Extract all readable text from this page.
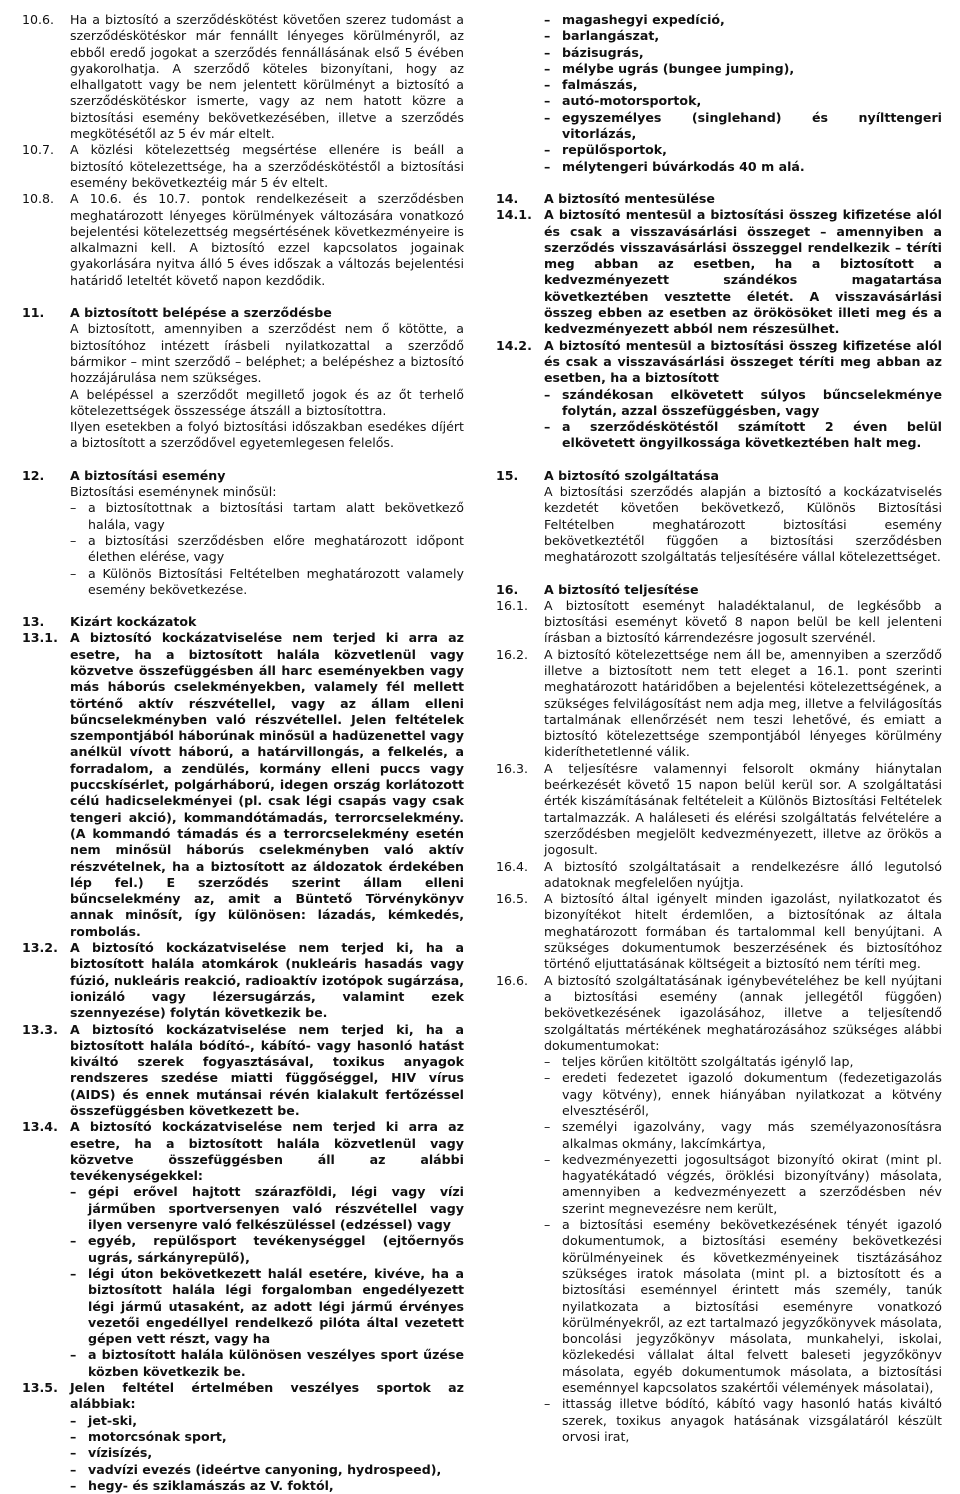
10.6.	Ha a biztosító a szerződéskötést követően szerez tudomást a szerződéskötéskor már fennállt lényeges körülményről, az ebből eredő jogokat a szerződés fennállásának első 5 évében gyakorolhatja. A szerződő köteles bizonyítani, hogy az elhallgatott vagy be nem jelentett körülményt a biztosító a szerződéskötéskor ismerte, vagy az nem hatott közre a biztosítási esemény bekövetkezésében, illetve a szerződés megkötésétől az 5 év már eltelt.
10.7.	A közlési kötelezettség megsértése ellenére is beáll a biztosító kötelezettsége, ha a szerződéskötéstől a biztosítási esemény bekövetkeztéig már 5 év eltelt.
10.8.	A 10.6. és 10.7. pontok rendelkezéseit a szerződésben meghatározott lényeges körülmények változására vonatkozó bejelentési kötelezettség megsértésének következményeire is alkalmazni kell. A biztosító ezzel kapcsolatos jogainak gyakorlására nyitva álló 5 éves időszak a változás bejelentési határidő leteltét követő napon kezdődik.
11.	A biztosított belépése a szerződésbe

A biztosított, amennyiben a szerződést nem ő kötötte, a biztosítóhoz intézett írásbeli nyilatkozattal a szerződő bármikor – mint szerződő – beléphet; a belépéshez a biztosító hozzájárulása nem szükséges.

A belépéssel a szerződőt megillető jogok és az őt terhelő kötelezettségek összessége átszáll a biztosítottra.

Ilyen esetekben a folyó biztosítási időszakban esedékes díjért a biztosított a szerződővel egyetemlegesen felelős.

12.	A biztosítási esemény

Biztosítási eseménynek minősül:

– a biztosítottnak a biztosítási tartam alatt bekövetkező halála, vagy
– a biztosítási szerződésben előre meghatározott időpont élethen elérése, vagy
– a Különös Biztosítási Feltételben meghatározott valamely esemény bekövetkezése.
13.	Kizárt kockázatok
13.1. A biztosító kockázatviselése nem terjed ki arra az esetre, ha a biztosított halála közvetlenül vagy közvetve összefüggésben áll harc eseményekben vagy más háborús cselekményekben, valamely fél mellett történő aktív részvétellel, vagy az állam elleni bűncselekményben való részvétellel. Jelen feltételek szempontjából háborúnak minősül a hadüzenettel vagy anélkül vívott háború, a határvillongás, a felkelés, a forradalom, a zendülés, kormány elleni puccs vagy puccskísérlet, polgárháború, idegen ország korlátozott célú hadicselekményei (pl. csak légi csapás vagy csak tengeri akció), kommandótámadás, terrorcselekmény. (A kommandó támadás és a terrorcselekmény esetén nem minősül háborús cselekményben való aktív részvételnek, ha a biztosított az áldozatok érdekében lép fel.) E szerződés szerint állam elleni bűncselekmény az, amit a Büntető Törvénykönyv annak minősít, így különösen: lázadás, kémkedés, rombolás.
13.2. A biztosító kockázatviselése nem terjed ki, ha a biztosított halála atomkárok (nukleáris hasadás vagy fúzió, nukleáris reakció, radioaktív izotópok sugárzása, ionizáló vagy lézersugárzás, valamint ezek szennyezése) folytán következik be.
13.3. A biztosító kockázatviselése nem terjed ki, ha a biztosított halála bódító-, kábító- vagy hasonló hatást kiváltó szerek fogyasztásával, toxikus anyagok rendszeres szedése miatti függőséggel, HIV vírus (AIDS) és ennek mutánsai révén kialakult fertőzéssel összefüggésben következett be.
13.4. A biztosító kockázatviselése nem terjed ki arra az esetre, ha a biztosított halála közvetlenül vagy közvetve összefüggésben áll az alábbi tevékenységekkel:
– gépi erővel hajtott szárazföldi, légi vagy vízi járműben sportversenyen való részvétellel vagy ilyen versenyre való felkészüléssel (edzéssel) vagy
– egyéb, repülősport tevékenységgel (ejtőernyős ugrás, sárkányrepülő),
– légi úton bekövetkezett halál esetére, kivéve, ha a biztosított halála légi forgalomban engedélyezett légi jármű utasaként, az adott légi jármű érvényes vezetői engedéllyel rendelkező pilóta által vezetett gépen vett részt, vagy ha
– a biztosított halála különösen veszélyes sport űzése közben következik be.
13.5. Jelen feltétel értelmében veszélyes sportok az alábbiak:
– jet-ski,
– motorcsónak sport,
– vízisízés,
– vadvízi evezés (ideértve canyoning, hydrospeed),
– hegy- és sziklamászás az V. foktól,
– magashegyi expedíció,
– barlangászat,
– bázisugrás,
– mélybe ugrás (bungee jumping),
– falmászás,
– autó-motorsportok,
– egyszemélyes (singlehand) és nyílttengeri vitorlázás,
– repülősportok,
– mélytengeri búvárkodás 40 m alá.
14.	A biztosító mentesülése
14.1. A biztosító mentesül a biztosítási összeg kifizetése alól és csak a visszavásárlási összeget – amennyiben a szerződés visszavásárlási összeggel rendelkezik – téríti meg abban az esetben, ha a biztosított a kedvezményezett szándékos magatartása következtében vesztette életét. A visszavásárlási összeg ebben az esetben az örökösöket illeti meg és a kedvezményezett abból nem részesülhet.
14.2. A biztosító mentesül a biztosítási összeg kifizetése alól és csak a visszavásárlási összeget téríti meg abban az esetben, ha a biztosított
– szándékosan elkövetett súlyos bűncselekménye folytán, azzal összefüggésben, vagy
– a szerződéskötéstől számított 2 éven belül elkövetett öngyilkossága következtében halt meg.
15.	A biztosító szolgáltatása

A biztosítási szerződés alapján a biztosító a kockázatviselés kezdetét követően bekövetkező, Különös Biztosítási Feltételben meghatározott biztosítási esemény bekövetkeztétől függően a biztosítási szerződésben meghatározott szolgáltatás teljesítésére vállal kötelezettséget.

16.	A biztosító teljesítése
16.1.	A biztosított eseményt haladéktalanul, de legkésőbb a biztosítási eseményt követő 8 napon belül be kell jelenteni írásban a biztosító kárrendezésre jogosult szervénél.
16.2.	A biztosító kötelezettsége nem áll be, amennyiben a szerződő illetve a biztosított nem tett eleget a 16.1. pont szerinti meghatározott határidőben a bejelentési kötelezettségének, a szükséges felvilágosítást nem adja meg, illetve a felvilágosítás tartalmának ellenőrzését nem teszi lehetővé, és emiatt a biztosító kötelezettsége szempontjából lényeges körülmény kideríthetetlenné válik.
16.3.	A teljesítésre valamennyi felsorolt okmány hiánytalan beérkezését követő 15 napon belül kerül sor. A szolgáltatási érték kiszámításának feltételeit a Különös Biztosítási Feltételek tartalmazzák. A haláleseti és elérési szolgáltatás felvételére a szerződésben megjelölt kedvezményezett, illetve az örökös a jogosult.
16.4.	A biztosító szolgáltatásait a rendelkezésre álló legutolsó adatoknak megfelelően nyújtja.
16.5.	A biztosító által igényelt minden igazolást, nyilatkozatot és bizonyítékot hitelt érdemlően, a biztosítónak az általa meghatározott formában és tartalommal kell benyújtani. A szükséges dokumentumok beszerzésének és biztosítóhoz történő eljuttatásának költségeit a biztosító nem téríti meg.
16.6.	A biztosító szolgáltatásának igénybevételéhez be kell nyújtani a biztosítási esemény (annak jellegétől függően) bekövetkezésének igazolásához, illetve a teljesítendő szolgáltatás mértékének meghatározásához szükséges alábbi dokumentumokat:
– teljes körűen kitöltött szolgáltatás igénylő lap,
– eredeti fedezetet igazoló dokumentum (fedezetigazolás vagy kötvény), ennek hiányában nyilatkozat a kötvény elvesztéséről,
– személyi igazolvány, vagy más személyazonosításra alkalmas okmány, lakcímkártya,
– kedvezményezetti jogosultságot bizonyító okirat (mint pl. hagyatékátadó végzés, öröklési bizonyítvány) másolata, amennyiben a kedvezményezett a szerződésben név szerint megnevezésre nem került,
– a biztosítási esemény bekövetkezésének tényét igazoló dokumentumok, a biztosítási esemény bekövetkezési körülményeinek és következményeinek tisztázásához szükséges iratok másolata (mint pl. a biztosított és a biztosítási eseménnyel érintett más személy, tanúk nyilatkozata a biztosítási eseményre vonatkozó körülményekről, az ezt tartalmazó jegyzőkönyvek másolata, boncolási jegyzőkönyv másolata, munkahelyi, iskolai, közlekedési vállalat által felvett baleseti jegyzőkönyv másolata, egyéb dokumentumok másolata, a biztosítási eseménnyel kapcsolatos szakértői vélemények másolatai),
– ittasság illetve bódító, kábító vagy hasonló hatás kiváltó szerek, toxikus anyagok hatásának vizsgálatáról készült orvosi irat,
